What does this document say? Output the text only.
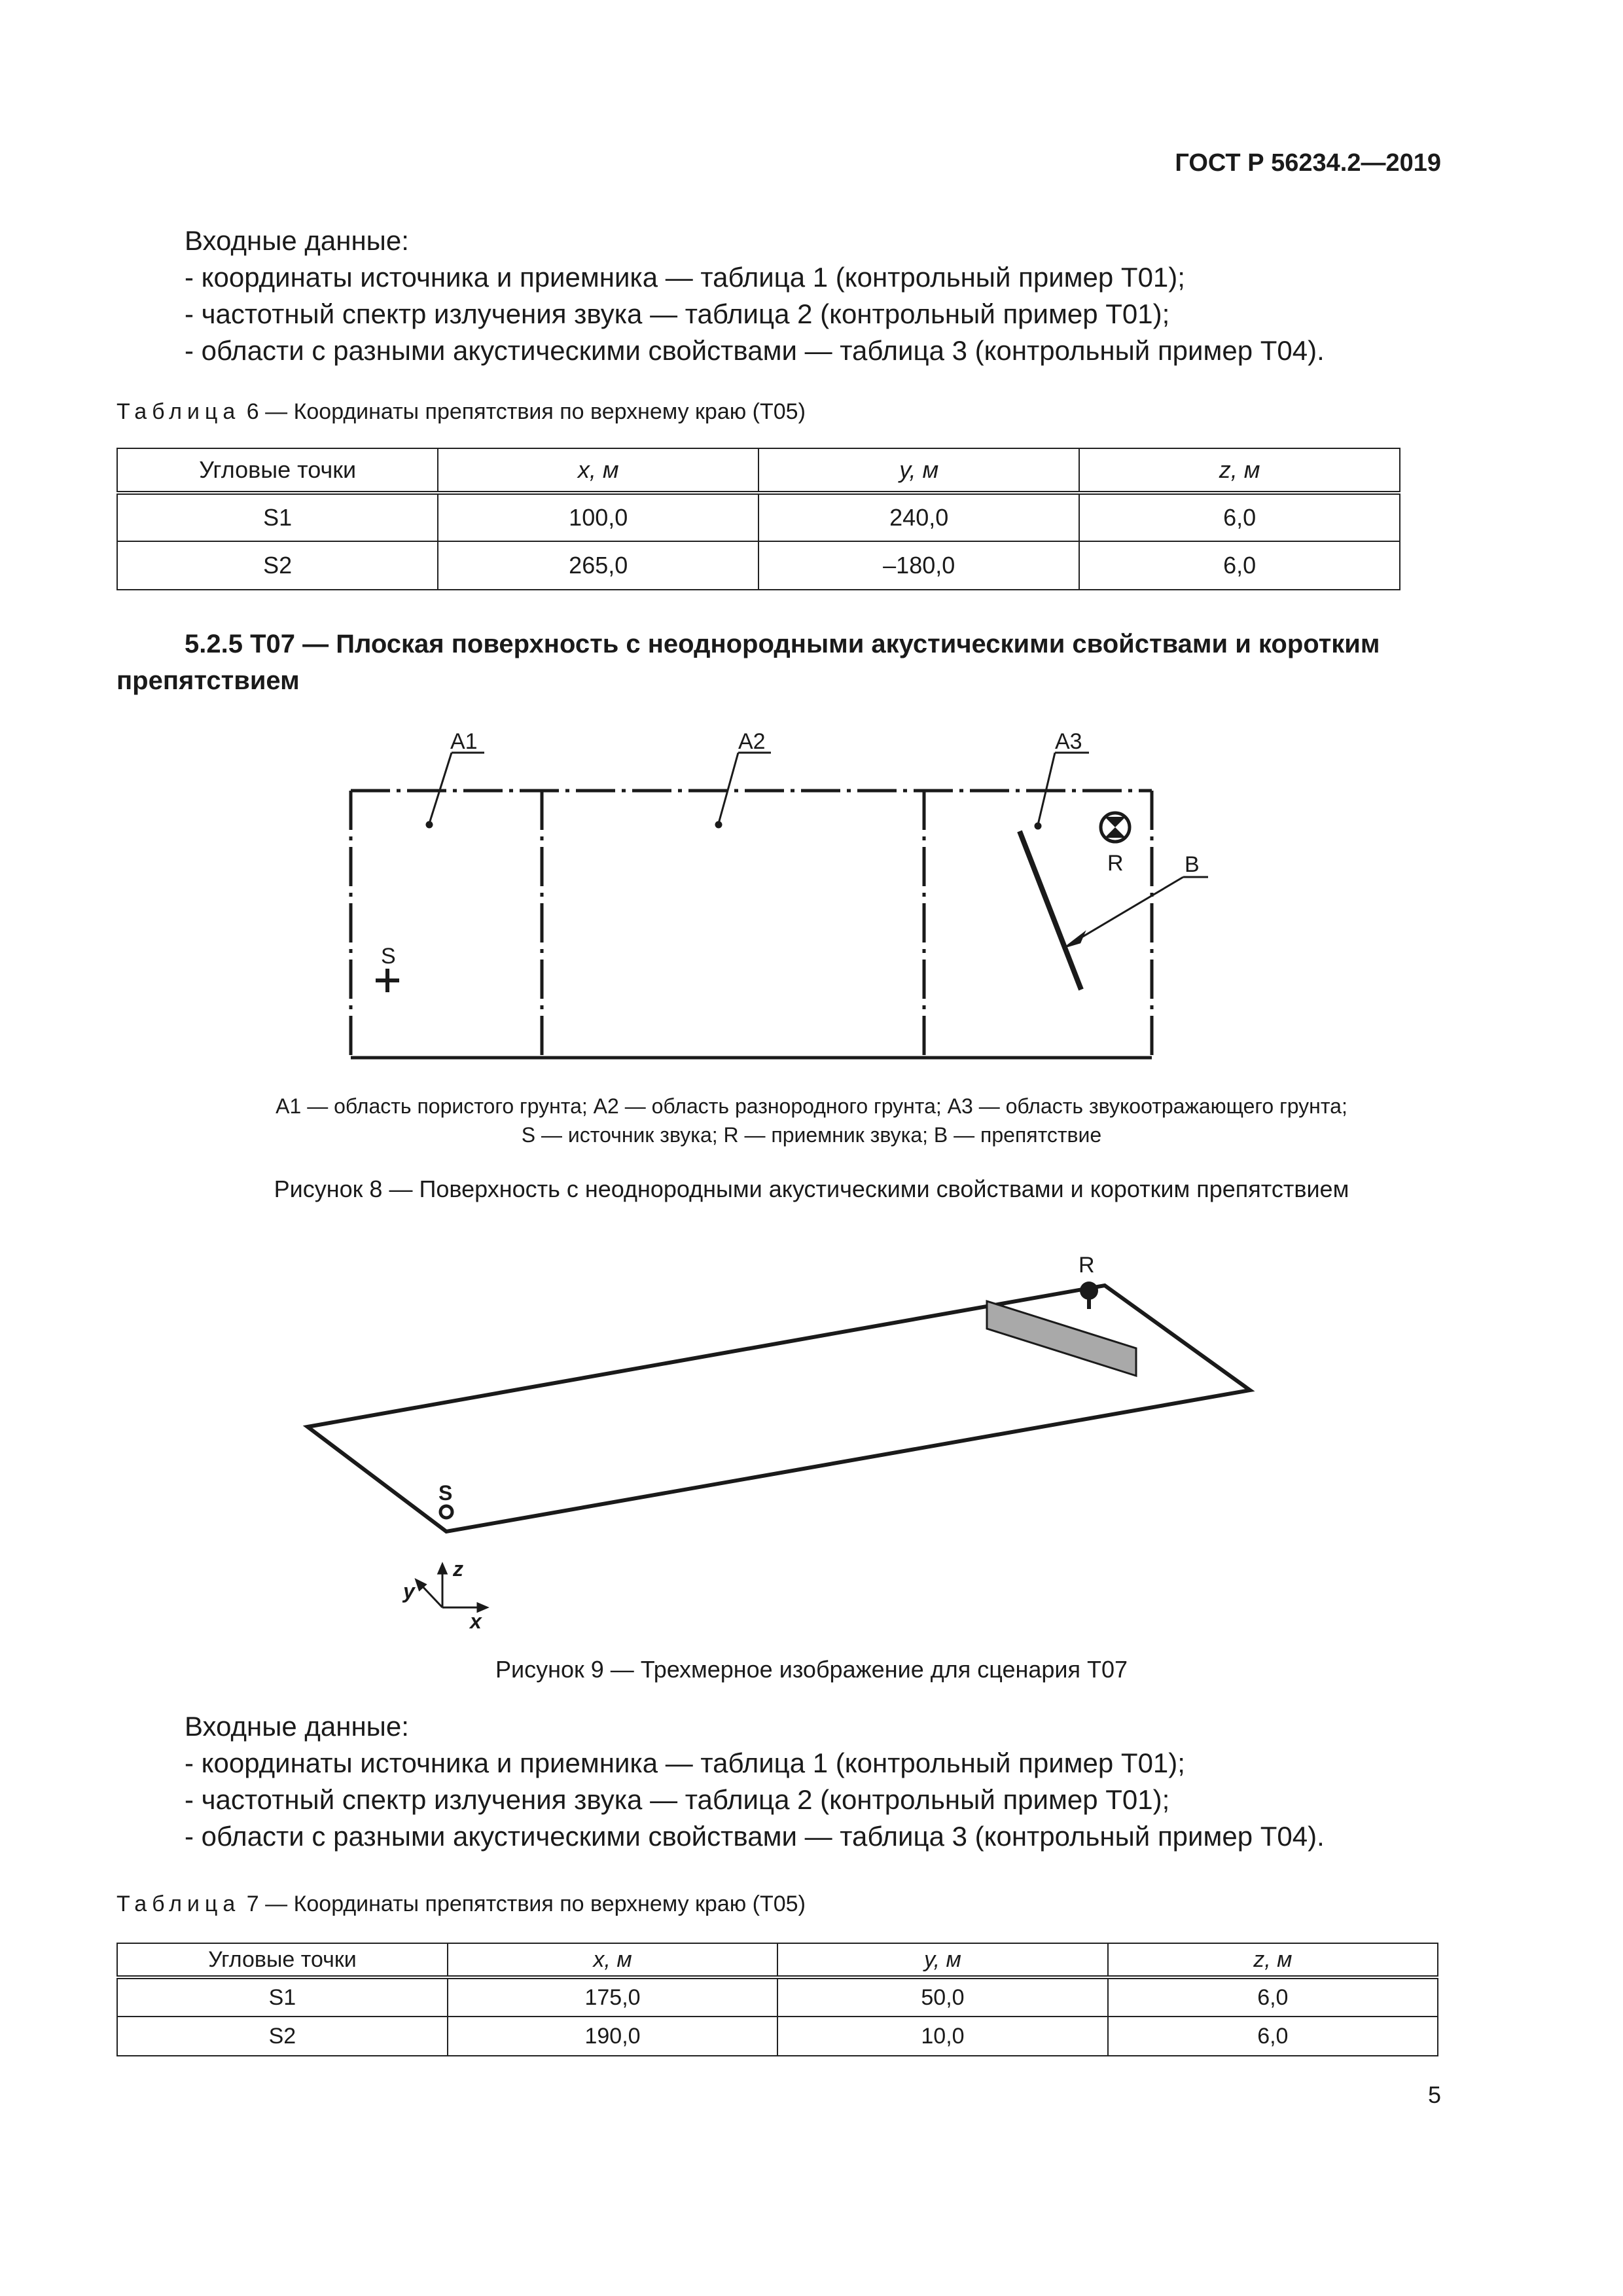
ГОСТ Р 56234.2—2019
Входные данные:
- координаты источника и приемника — таблица 1 (контрольный пример Т01);
- частотный спектр излучения звука — таблица 2 (контрольный пример Т01);
- области с разными акустическими свойствами — таблица 3 (контрольный пример Т04).
Таблица 6 — Координаты препятствия по верхнему краю (Т05)
Угловые точки	x, м	y, м	z, м
S1	100,0	240,0	6,0
S2	265,0	–180,0	6,0
5.2.5 Т07 — Плоская поверхность с неоднородными акустическими свойствами и коротким
препятствием
A1	A2	A3
S
R	B
А1 — область пористого грунта; А2 — область разнородного грунта; А3 — область звукоотражающего грунта;
S — источник звука; R — приемник звука; В — препятствие
Рисунок 8 — Поверхность с неоднородными акустическими свойствами и коротким препятствием
R
S
z
y
x
Рисунок 9 — Трехмерное изображение для сценария Т07
Входные данные:
- координаты источника и приемника — таблица 1 (контрольный пример Т01);
- частотный спектр излучения звука — таблица 2 (контрольный пример Т01);
- области с разными акустическими свойствами — таблица 3 (контрольный пример Т04).
Таблица 7 — Координаты препятствия по верхнему краю (Т05)
Угловые точки	x, м	y, м	z, м
S1	175,0	50,0	6,0
S2	190,0	10,0	6,0
5
